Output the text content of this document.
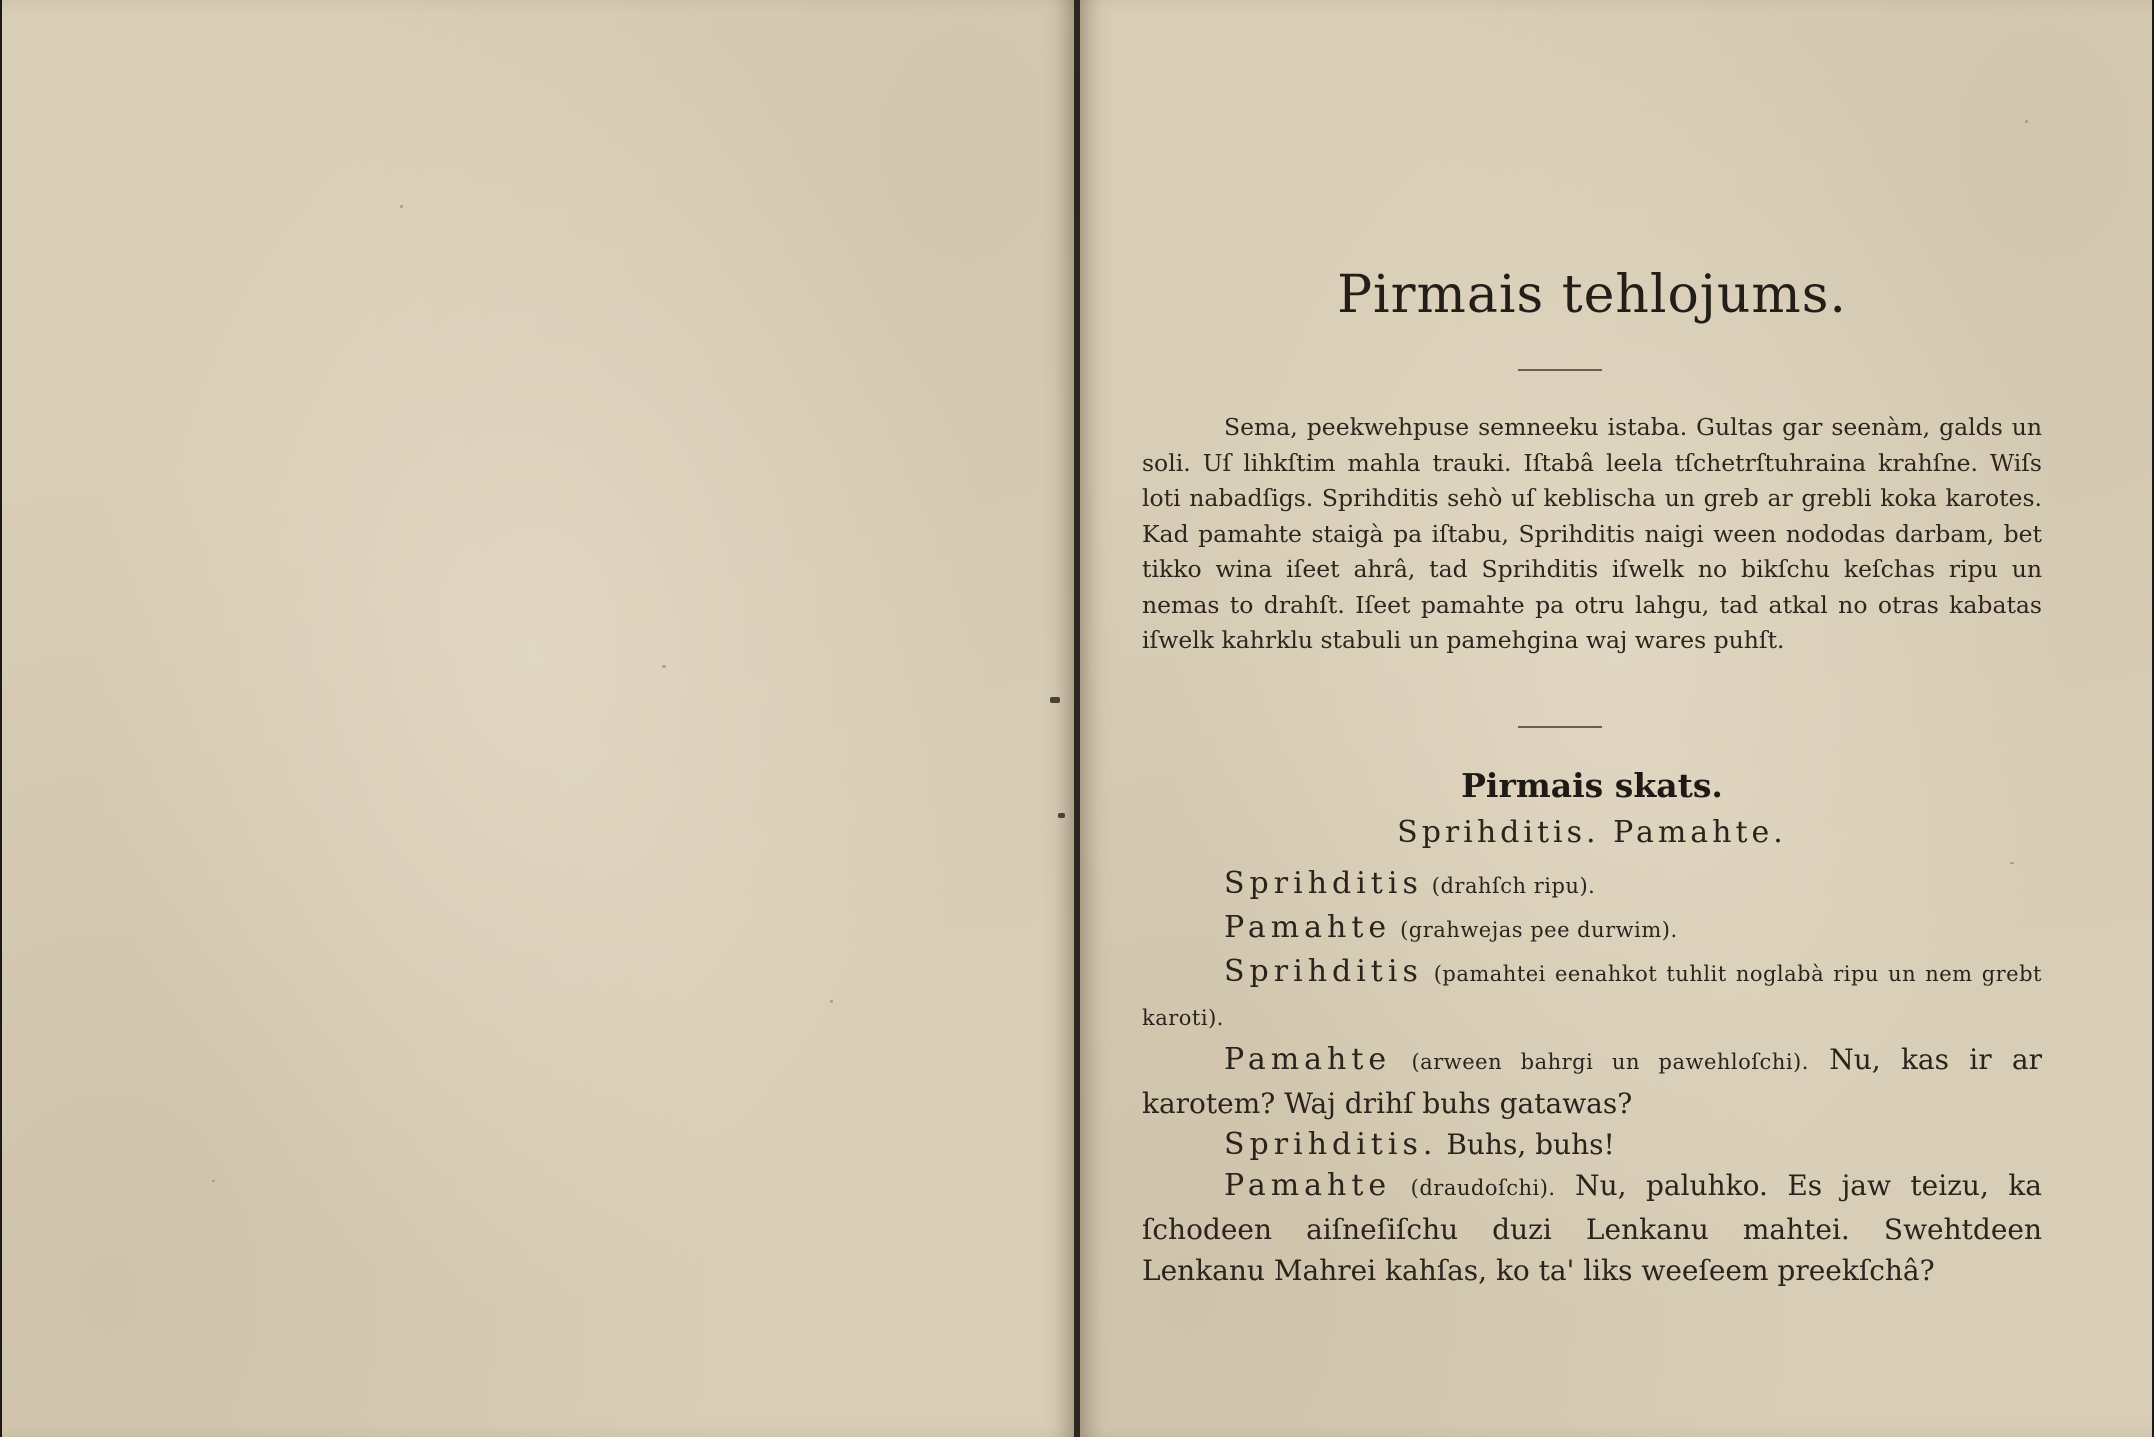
Pirmais tehlojums.
Sema, peekwehpuse semneeku istaba. Gultas gar seenàm, galds un soli. Uſ lihkſtim mahla trauki. Iſtabâ leela tſchetrſtuhraina krahſne. Wiſs loti nabadſigs. Sprihditis sehò uſ keblischa un greb ar grebli koka karotes. Kad pamahte staigà pa iſtabu, Sprihditis naigi ween nododas darbam, bet tikko wina iſeet ahrâ, tad Sprihditis iſwelk no bikſchu keſchas ripu un nemas to drahſt. Iſeet pamahte pa otru lahgu, tad atkal no otras kabatas iſwelk kahrklu stabuli un pamehgina waj wares puhſt.
Pirmais skats.
Sprihditis. Pamahte.

Sprihditis (drahſch ripu).

Pamahte (grahwejas pee durwim).

Sprihditis (pamahtei eenahkot tuhlit noglabà ripu un nem grebt karoti).

Pamahte (arween bahrgi un pawehloſchi). Nu, kas ir ar karotem? Waj drihſ buhs gatawas?

Sprihditis. Buhs, buhs!

Pamahte (draudoſchi). Nu, paluhko. Es jaw teizu, ka ſchodeen aiſneſiſchu duzi Lenkanu mahtei. Swehtdeen Lenkanu Mahrei kahſas, ko ta' liks weeſeem preekſchâ?
